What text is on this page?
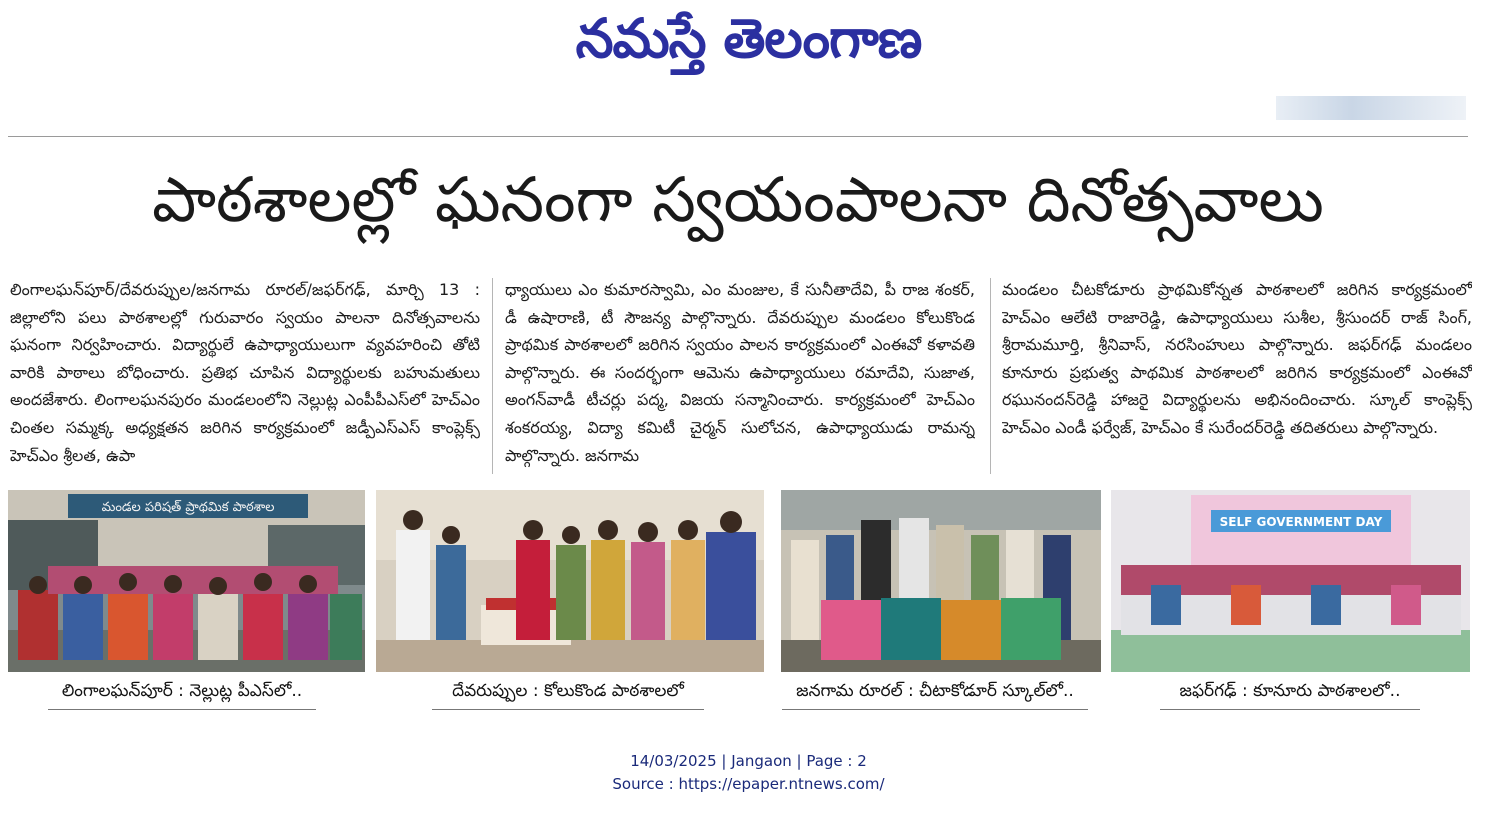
నమస్తే తెలంగాణ
పాఠశాలల్లో ఘనంగా స్వయంపాలనా దినోత్సవాలు

లింగాలఘన్‌పూర్/దేవరుప్పుల/జనగామ రూరల్/జఫర్‌గఢ్, మార్చి 13 : జిల్లాలోని పలు పాఠశాలల్లో గురువారం స్వయం పాలనా దినోత్సవాలను ఘనంగా నిర్వహించారు. విద్యార్థులే ఉపాధ్యాయులుగా వ్యవహరించి తోటి వారికి పాఠాలు బోధించారు. ప్రతిభ చూపిన విద్యార్థులకు బహుమతులు అందజేశారు. లింగాలఘనపురం మండలంలోని నెల్లుట్ల ఎంపీపీఎస్‌లో హెచ్‌ఎం చింతల సమ్మక్క అధ్యక్షతన జరిగిన కార్యక్రమంలో జడ్పీఎస్‌ఎస్ కాంప్లెక్స్ హెచ్‌ఎం శ్రీలత, ఉపా

ధ్యాయులు ఎం కుమారస్వామి, ఎం మంజుల, కే సునీతాదేవి, పీ రాజ శంకర్, డీ ఉషారాణి, టీ సౌజన్య పాల్గొన్నారు. దేవరుప్పుల మండలం కోలుకొండ ప్రాథమిక పాఠశాలలో జరిగిన స్వయం పాలన కార్యక్రమంలో ఎంఈవో కళావతి పాల్గొన్నారు. ఈ సందర్భంగా ఆమెను ఉపాధ్యాయులు రమాదేవి, సుజాత, అంగన్‌వాడీ టీచర్లు పద్మ, విజయ సన్మానించారు. కార్యక్రమంలో హెచ్‌ఎం శంకరయ్య, విద్యా కమిటీ చైర్మన్ సులోచన, ఉపాధ్యాయుడు రామన్న పాల్గొన్నారు. జనగామ

మండలం చీటకోడూరు ప్రాథమికోన్నత పాఠశాలలో జరిగిన కార్యక్రమంలో హెచ్‌ఎం ఆలేటి రాజారెడ్డి, ఉపాధ్యాయులు సుశీల, శ్రీసుందర్ రాజ్ సింగ్, శ్రీరామమూర్తి, శ్రీనివాస్, నరసింహులు పాల్గొన్నారు. జఫర్‌గఢ్ మండలం కూనూరు ప్రభుత్వ పాథమిక పాఠశాలలో జరిగిన కార్యక్రమంలో ఎంఈవో రఘునందన్‌రెడ్డి హాజరై విద్యార్థులను అభినందించారు. స్కూల్ కాంప్లెక్స్ హెచ్‌ఎం ఎండీ ఫర్వేజ్, హెచ్‌ఎం కే సురేందర్‌రెడ్డి తదితరులు పాల్గొన్నారు.

మండల పరిషత్ ప్రాథమిక పాఠశాల
SELF GOVERNMENT DAY
లింగాలఘన్‌పూర్ : నెల్లుట్ల పీఎస్‌లో..	దేవరుప్పుల : కోలుకొండ పాఠశాలలో	జనగామ రూరల్ : చీటాకోడూర్ స్కూల్‌లో..	జఫర్‌గఢ్ : కూనూరు పాఠశాలలో..
14/03/2025 | Jangaon | Page : 2
Source : https://epaper.ntnews.com/
